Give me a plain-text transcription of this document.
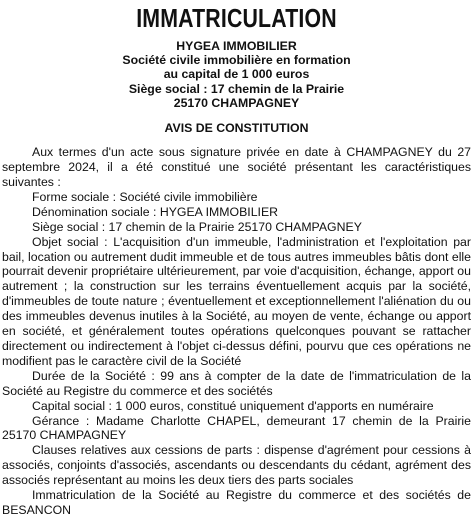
IMMATRICULATION
HYGEA IMMOBILIER
Société civile immobilière en formation
au capital de 1 000 euros
Siège social : 17 chemin de la Prairie
25170 CHAMPAGNEY
AVIS DE CONSTITUTION

Aux termes d'un acte sous signature privée en date à CHAMPAGNEY du 27 septembre 2024, il a été constitué une société présentant les caractéristiques suivantes :

Forme sociale : Société civile immobilière

Dénomination sociale : HYGEA IMMOBILIER

Siège social : 17 chemin de la Prairie 25170 CHAMPAGNEY

Objet social : L'acquisition d'un immeuble, l'administration et l'exploitation par bail, location ou autrement dudit immeuble et de tous autres immeubles bâtis dont elle pourrait devenir propriétaire ultérieurement, par voie d'acquisition, échange, apport ou autrement ; la construction sur les terrains éventuellement acquis par la société, d'immeubles de toute nature ; éventuellement et exceptionnellement l'aliénation du ou des immeubles devenus inutiles à la Société, au moyen de vente, échange ou apport en société, et généralement toutes opérations quelconques pouvant se rattacher directement ou indirectement à l'objet ci-dessus défini, pourvu que ces opérations ne modifient pas le caractère civil de la Société

Durée de la Société : 99 ans à compter de la date de l'immatriculation de la Société au Registre du commerce et des sociétés

Capital social : 1 000 euros, constitué uniquement d'apports en numéraire

Gérance : Madame Charlotte CHAPEL, demeurant 17 chemin de la Prairie 25170 CHAMPAGNEY

Clauses relatives aux cessions de parts : dispense d'agrément pour cessions à associés, conjoints d'associés, ascendants ou descendants du cédant, agrément des associés représentant au moins les deux tiers des parts sociales

Immatriculation de la Société au Registre du commerce et des sociétés de BESANCON
